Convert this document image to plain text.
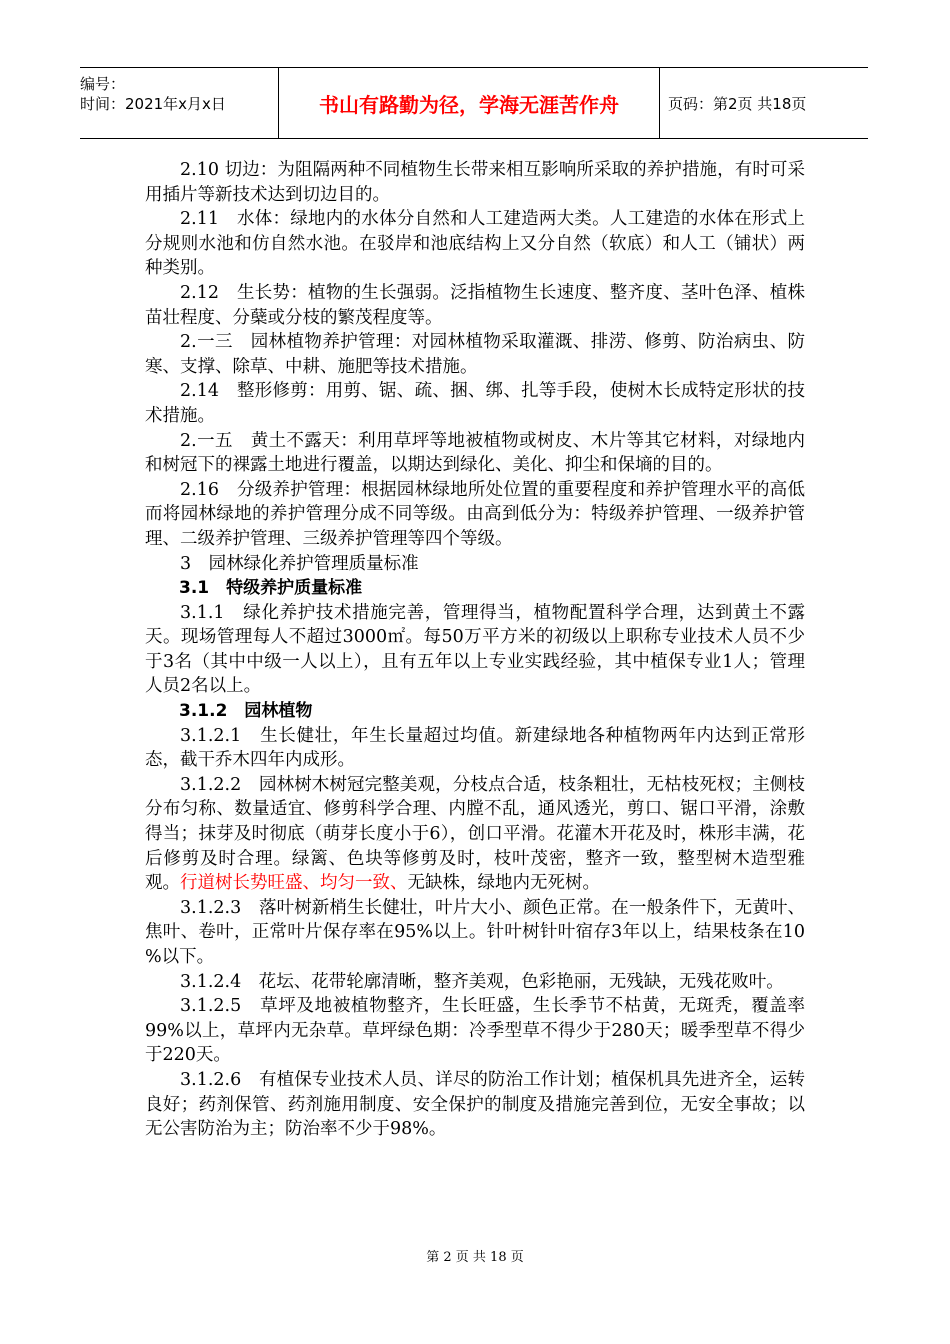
编号：
时间：2021年x月x日	书山有路勤为径，学海无涯苦作舟	页码：第2页 共18页

2.10 切边：为阻隔两种不同植物生长带来相互影响所采取的养护措施，有时可采用插片等新技术达到切边目的。

2.11　水体：绿地内的水体分自然和人工建造两大类。人工建造的水体在形式上分规则水池和仿自然水池。在驳岸和池底结构上又分自然（软底）和人工（铺状）两种类别。

2.12　生长势：植物的生长强弱。泛指植物生长速度、整齐度、茎叶色泽、植株苗壮程度、分蘖或分枝的繁茂程度等。

2.一三　园林植物养护管理：对园林植物采取灌溉、排涝、修剪、防治病虫、防寒、支撑、除草、中耕、施肥等技术措施。

2.14　整形修剪：用剪、锯、疏、捆、绑、扎等手段，使树木长成特定形状的技术措施。

2.一五　黄土不露天：利用草坪等地被植物或树皮、木片等其它材料，对绿地内和树冠下的裸露土地进行覆盖，以期达到绿化、美化、抑尘和保墒的目的。

2.16　分级养护管理：根据园林绿地所处位置的重要程度和养护管理水平的高低而将园林绿地的养护管理分成不同等级。由高到低分为：特级养护管理、一级养护管理、二级养护管理、三级养护管理等四个等级。

3　园林绿化养护管理质量标准

3.1　特级养护质量标准

3.1.1　绿化养护技术措施完善，管理得当，植物配置科学合理，达到黄土不露天。现场管理每人不超过3000㎡。每50万平方米的初级以上职称专业技术人员不少于3名（其中中级一人以上），且有五年以上专业实践经验，其中植保专业1人；管理人员2名以上。

3.1.2　园林植物

3.1.2.1　生长健壮，年生长量超过均值。新建绿地各种植物两年内达到正常形态，截干乔木四年内成形。

3.1.2.2　园林树木树冠完整美观，分枝点合适，枝条粗壮，无枯枝死杈；主侧枝分布匀称、数量适宜、修剪科学合理、内膛不乱，通风透光，剪口、锯口平滑，涂敷得当；抹芽及时彻底（萌芽长度小于6），创口平滑。花灌木开花及时，株形丰满，花后修剪及时合理。绿篱、色块等修剪及时，枝叶茂密，整齐一致，整型树木造型雅观。行道树长势旺盛、均匀一致、无缺株，绿地内无死树。

3.1.2.3　落叶树新梢生长健壮，叶片大小、颜色正常。在一般条件下，无黄叶、焦叶、卷叶，正常叶片保存率在95%以上。针叶树针叶宿存3年以上，结果枝条在10 %以下。

3.1.2.4　花坛、花带轮廓清晰，整齐美观，色彩艳丽，无残缺，无残花败叶。

3.1.2.5　草坪及地被植物整齐，生长旺盛，生长季节不枯黄，无斑秃，覆盖率99%以上，草坪内无杂草。草坪绿色期：冷季型草不得少于280天；暖季型草不得少于220天。

3.1.2.6　有植保专业技术人员、详尽的防治工作计划；植保机具先进齐全，运转良好；药剂保管、药剂施用制度、安全保护的制度及措施完善到位，无安全事故；以无公害防治为主；防治率不少于98%。

第 2 页 共 18 页
